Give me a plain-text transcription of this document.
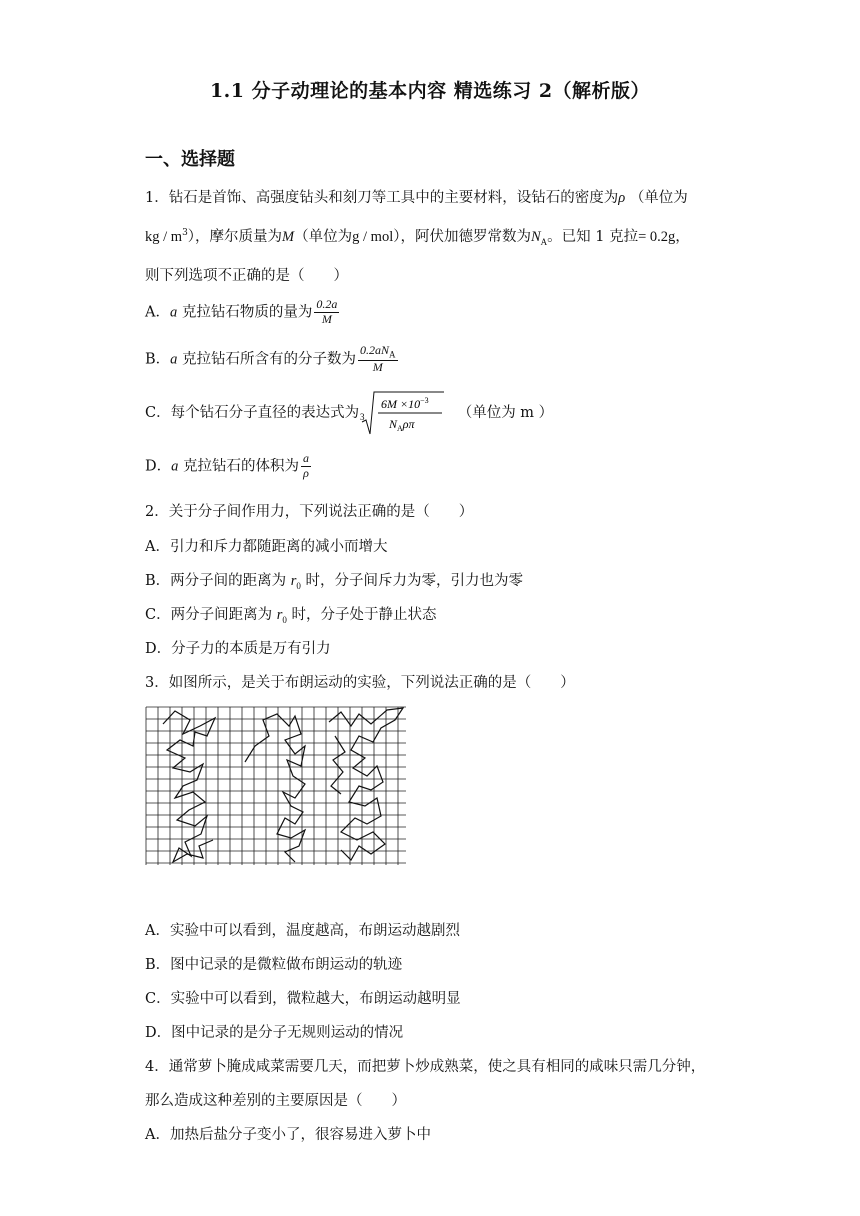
1.1 分子动理论的基本内容 精选练习 2（解析版）
一、选择题
1．钻石是首饰、高强度钻头和刻刀等工具中的主要材料，设钻石的密度为ρ （单位为
kg / $m^3$），摩尔质量为M（单位为g / mol），阿伏加德罗常数为$N_A$。已知 1 克拉= 0.2g，
则下列选项不正确的是（　　）
A．a 克拉钻石物质的量为 $\frac{0.2a}{M}$
B．a 克拉钻石所含有的分子数为 $\frac{0.2aN_A}{M}$
C．每个钻石分子直径的表达式为 3
$6M \times 10^{-3}$
$N_A\rho\pi$
（单位为 m ）
D．a 克拉钻石的体积为 $\frac{a}{\rho}$
2．关于分子间作用力，下列说法正确的是（　　）
A．引力和斥力都随距离的减小而增大
B．两分子间的距离为 $r_0$ 时，分子间斥力为零，引力也为零
C．两分子间距离为 $r_0$ 时，分子处于静止状态
D．分子力的本质是万有引力
3．如图所示，是关于布朗运动的实验，下列说法正确的是（　　）
A．实验中可以看到，温度越高，布朗运动越剧烈
B．图中记录的是微粒做布朗运动的轨迹
C．实验中可以看到，微粒越大，布朗运动越明显
D．图中记录的是分子无规则运动的情况
4．通常萝卜腌成咸菜需要几天，而把萝卜炒成熟菜，使之具有相同的咸味只需几分钟，
那么造成这种差别的主要原因是（　　）
A．加热后盐分子变小了，很容易进入萝卜中
